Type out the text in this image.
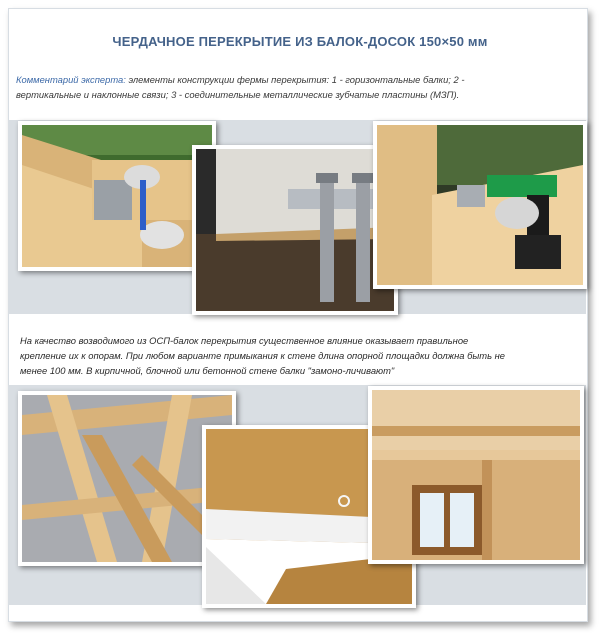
ЧЕРДАЧНОЕ ПЕРЕКРЫТИЕ ИЗ БАЛОК-ДОСОК 150×50 мм
Комментарий эксперта: элементы конструкции фермы перекрытия: 1 - горизонтальные балки; 2 -
вертикальные и наклонные связи; 3 - соединительные металлические зубчатые пластины (МЗП).
На качество возводимого из ОСП-балок перекрытия существенное влияние оказывает правильное
крепление их к опорам. При любом варианте примыкания к стене длина опорной площадки должна быть не
менее 100 мм. В кирпичной, блочной или бетонной стене балки "замоно-личивают"
